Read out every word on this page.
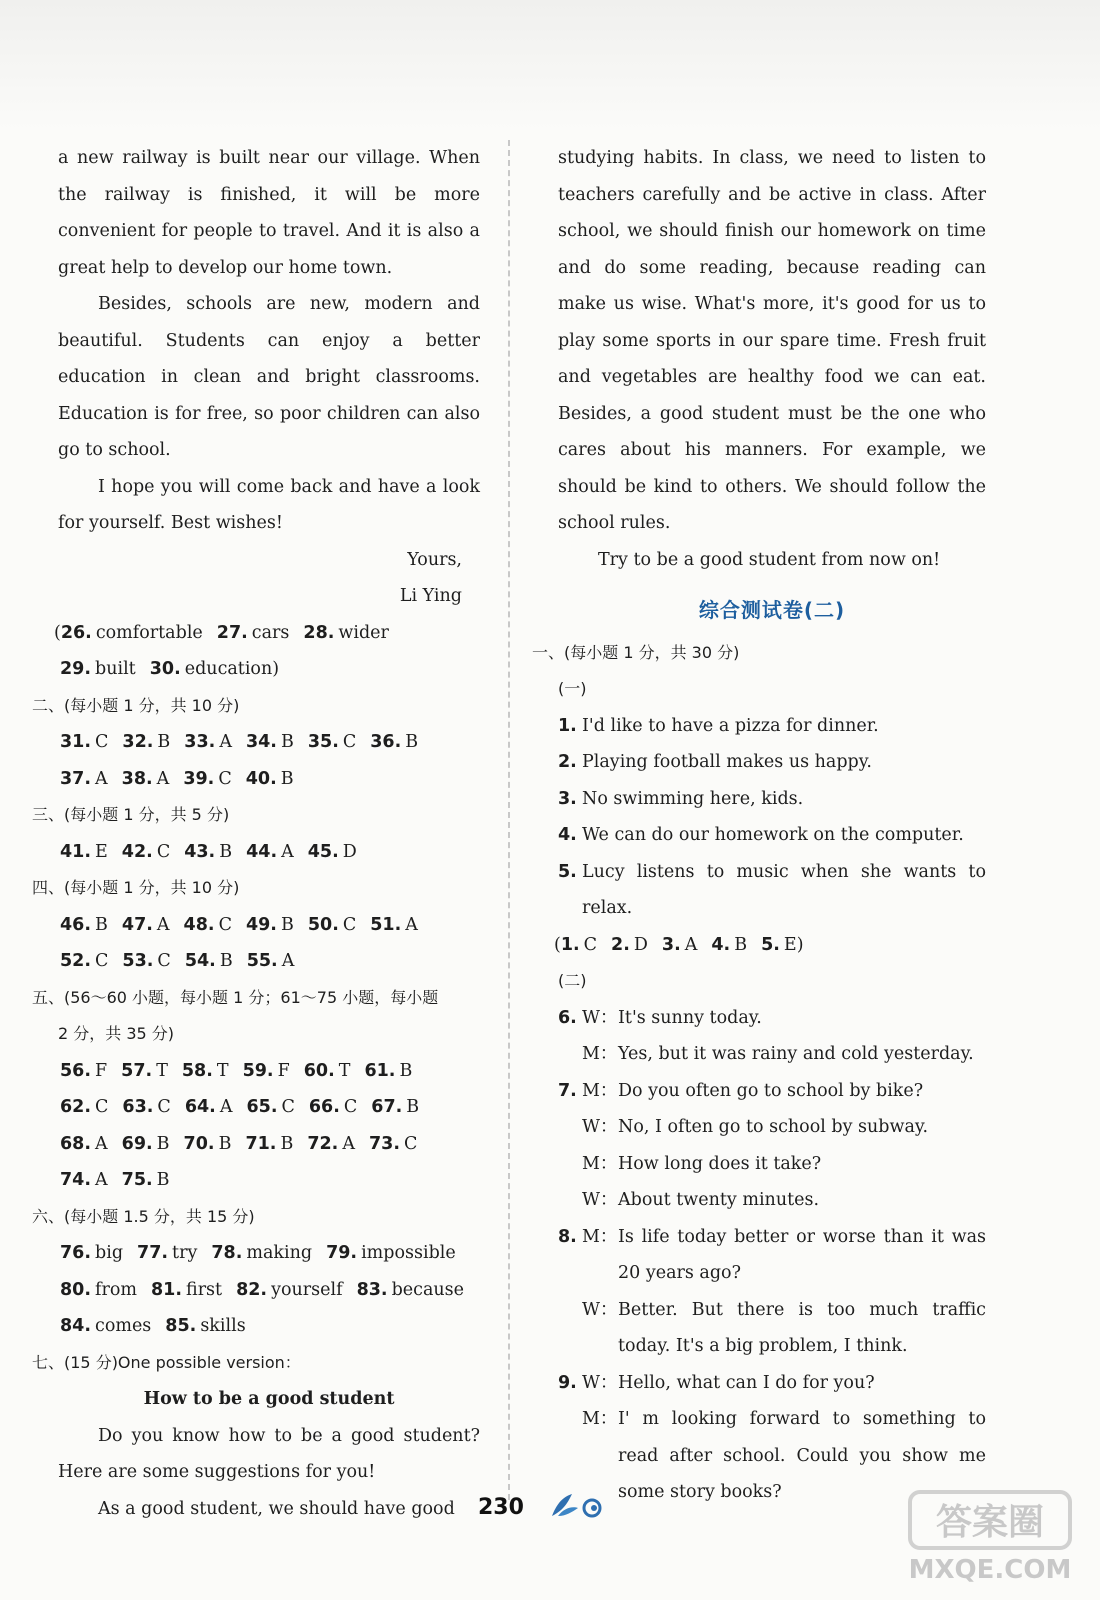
a new railway is built near our village. When the railway is finished, it will be more convenient for people to travel. And it is also a great help to develop our home town.

Besides, schools are new, modern and beautiful. Students can enjoy a better education in clean and bright classrooms. Education is for free, so poor children can also go to school.

I hope you will come back and have a look for yourself. Best wishes!

Yours,

Li Ying

(26. comfortable 27. cars 28. wider
29. built 30. education)
二、(每小题 1 分，共 10 分)
31. C 32. B 33. A 34. B 35. C 36. B
37. A 38. A 39. C 40. B
三、(每小题 1 分，共 5 分)
41. E 42. C 43. B 44. A 45. D
四、(每小题 1 分，共 10 分)
46. B 47. A 48. C 49. B 50. C 51. A
52. C 53. C 54. B 55. A
五、(56～60 小题，每小题 1 分；61～75 小题，每小题
2 分，共 35 分)
56. F 57. T 58. T 59. F 60. T 61. B
62. C 63. C 64. A 65. C 66. C 67. B
68. A 69. B 70. B 71. B 72. A 73. C
74. A 75. B
六、(每小题 1.5 分，共 15 分)
76. big 77. try 78. making 79. impossible
80. from 81. first 82. yourself 83. because
84. comes 85. skills
七、(15 分)One possible version：
How to be a good student

Do you know how to be a good student? Here are some suggestions for you!

As a good student, we should have good

studying habits. In class, we need to listen to teachers carefully and be active in class. After school, we should finish our homework on time and do some reading, because reading can make us wise. What's more, it's good for us to play some sports in our spare time. Fresh fruit and vegetables are healthy food we can eat. Besides, a good student must be the one who cares about his manners. For example, we should be kind to others. We should follow the school rules.

Try to be a good student from now on!

综合测试卷(二)
一、(每小题 1 分，共 30 分)
(一)
1. I'd like to have a pizza for dinner.
2. Playing football makes us happy.
3. No swimming here, kids.
4. We can do our homework on the computer.
5. Lucy listens to music when she wants to relax.
(1. C 2. D 3. A 4. B 5. E)
(二)
6. W： It's sunny today.
M： Yes, but it was rainy and cold yesterday.
7. M： Do you often go to school by bike?
W： No, I often go to school by subway.
M： How long does it take?
W： About twenty minutes.
8. M： Is life today better or worse than it was 20 years ago?
W： Better. But there is too much traffic today. It's a big problem, I think.
9. W： Hello, what can I do for you?
M： I' m looking forward to something to read after school. Could you show me some story books?
230	答案圈
MXQE.COM
